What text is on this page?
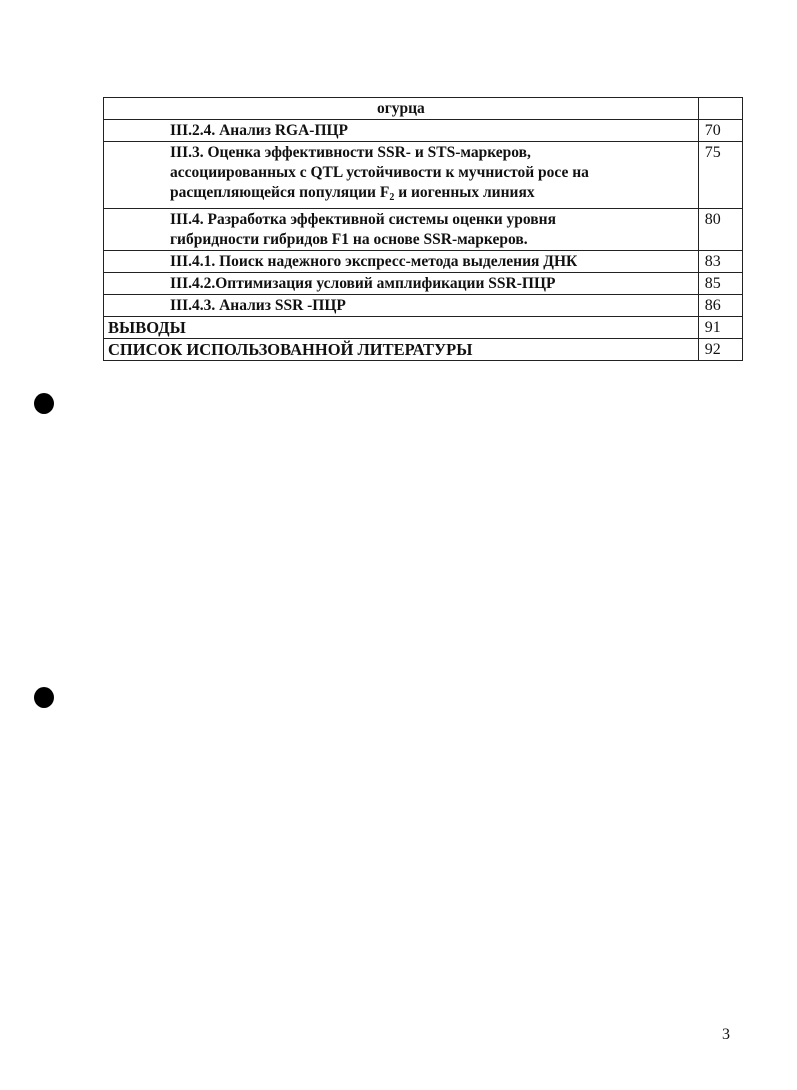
огурца	

III.2.4. Анализ RGA-ПЦР	70

III.3. Оценка эффективности SSR- и STS-маркеров,
ассоциированных с QTL устойчивости к мучнистой росе на
расщепляющейся популяции $F_2$ и иогенных линиях	75

III.4. Разработка эффективной системы оценки уровня
гибридности гибридов F1 на основе SSR-маркеров.	80

III.4.1. Поиск надежного экспресс-метода выделения ДНК	83

III.4.2.Оптимизация условий амплификации SSR-ПЦР	85

III.4.3. Анализ SSR -ПЦР	86

ВЫВОДЫ	91

СПИСОК ИСПОЛЬЗОВАННОЙ ЛИТЕРАТУРЫ	92
3
